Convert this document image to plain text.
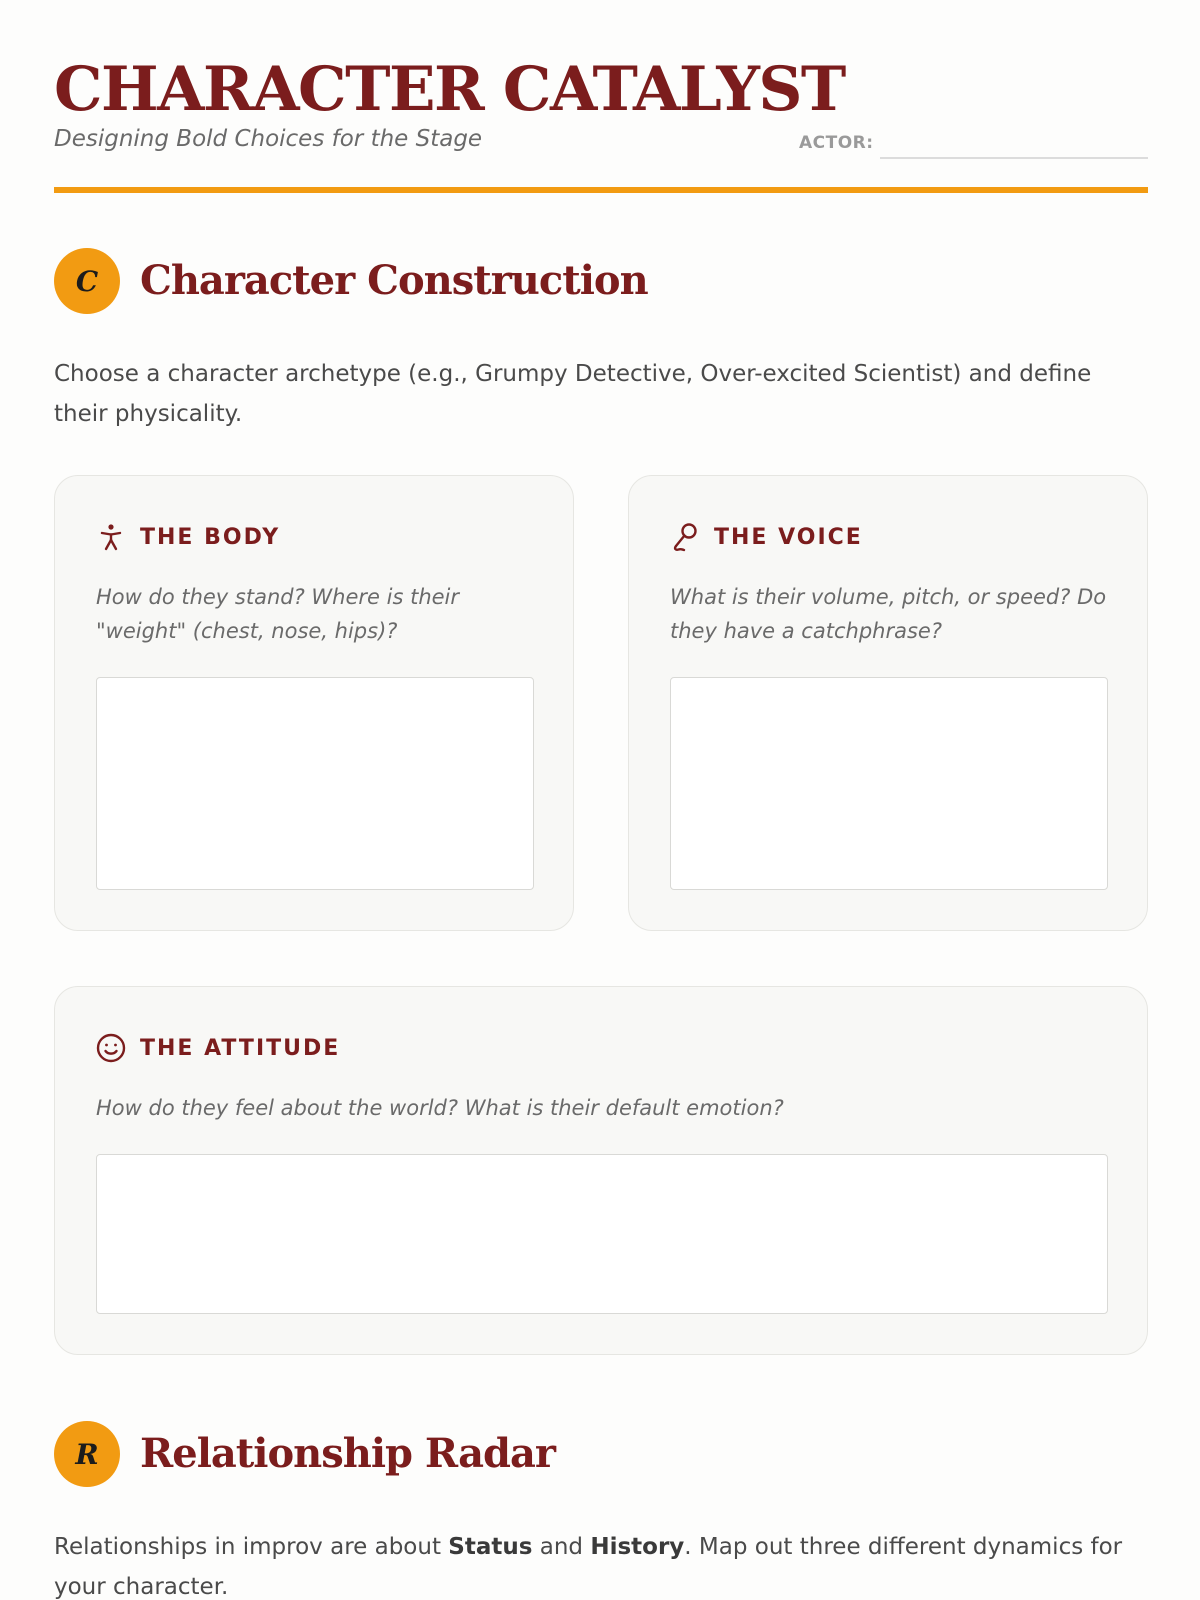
CHARACTER CATALYST
Designing Bold Choices for the Stage	ACTOR:
C	Character Construction

Choose a character archetype (e.g., Grumpy Detective, Over-excited Scientist) and define their physicality.

THE BODY

How do they stand? Where is their "weight" (chest, nose, hips)?

THE VOICE

What is their volume, pitch, or speed? Do they have a catchphrase?

THE ATTITUDE

How do they feel about the world? What is their default emotion?

R	Relationship Radar

Relationships in improv are about Status and History. Map out three different dynamics for your character.
